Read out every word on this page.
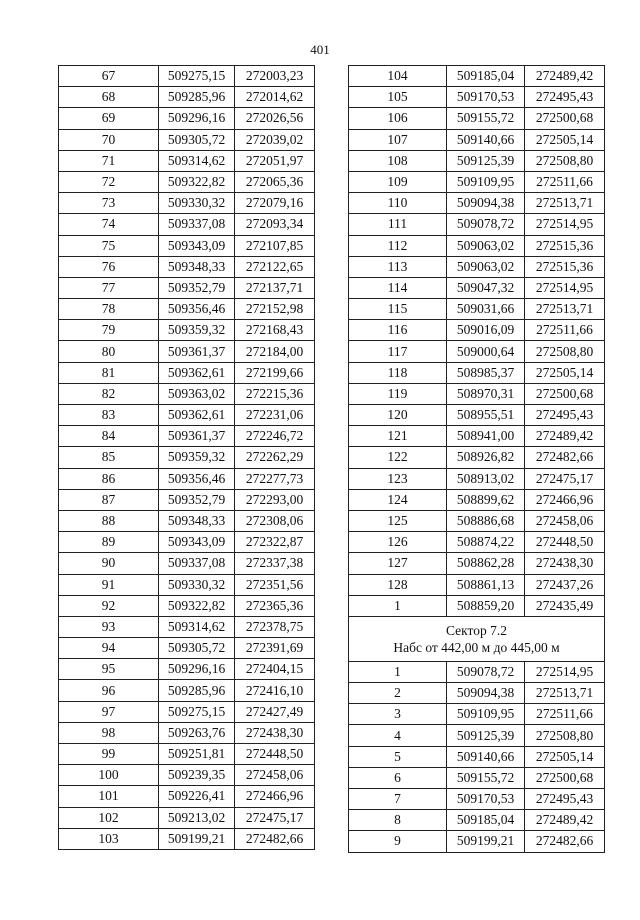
401
67	509275,15	272003,23
68	509285,96	272014,62
69	509296,16	272026,56
70	509305,72	272039,02
71	509314,62	272051,97
72	509322,82	272065,36
73	509330,32	272079,16
74	509337,08	272093,34
75	509343,09	272107,85
76	509348,33	272122,65
77	509352,79	272137,71
78	509356,46	272152,98
79	509359,32	272168,43
80	509361,37	272184,00
81	509362,61	272199,66
82	509363,02	272215,36
83	509362,61	272231,06
84	509361,37	272246,72
85	509359,32	272262,29
86	509356,46	272277,73
87	509352,79	272293,00
88	509348,33	272308,06
89	509343,09	272322,87
90	509337,08	272337,38
91	509330,32	272351,56
92	509322,82	272365,36
93	509314,62	272378,75
94	509305,72	272391,69
95	509296,16	272404,15
96	509285,96	272416,10
97	509275,15	272427,49
98	509263,76	272438,30
99	509251,81	272448,50
100	509239,35	272458,06
101	509226,41	272466,96
102	509213,02	272475,17
103	509199,21	272482,66
104	509185,04	272489,42
105	509170,53	272495,43
106	509155,72	272500,68
107	509140,66	272505,14
108	509125,39	272508,80
109	509109,95	272511,66
110	509094,38	272513,71
111	509078,72	272514,95
112	509063,02	272515,36
113	509063,02	272515,36
114	509047,32	272514,95
115	509031,66	272513,71
116	509016,09	272511,66
117	509000,64	272508,80
118	508985,37	272505,14
119	508970,31	272500,68
120	508955,51	272495,43
121	508941,00	272489,42
122	508926,82	272482,66
123	508913,02	272475,17
124	508899,62	272466,96
125	508886,68	272458,06
126	508874,22	272448,50
127	508862,28	272438,30
128	508861,13	272437,26
1	508859,20	272435,49

Сектор 7.2
Набс от 442,00 м до 445,00 м		

1	509078,72	272514,95
2	509094,38	272513,71
3	509109,95	272511,66
4	509125,39	272508,80
5	509140,66	272505,14
6	509155,72	272500,68
7	509170,53	272495,43
8	509185,04	272489,42
9	509199,21	272482,66
